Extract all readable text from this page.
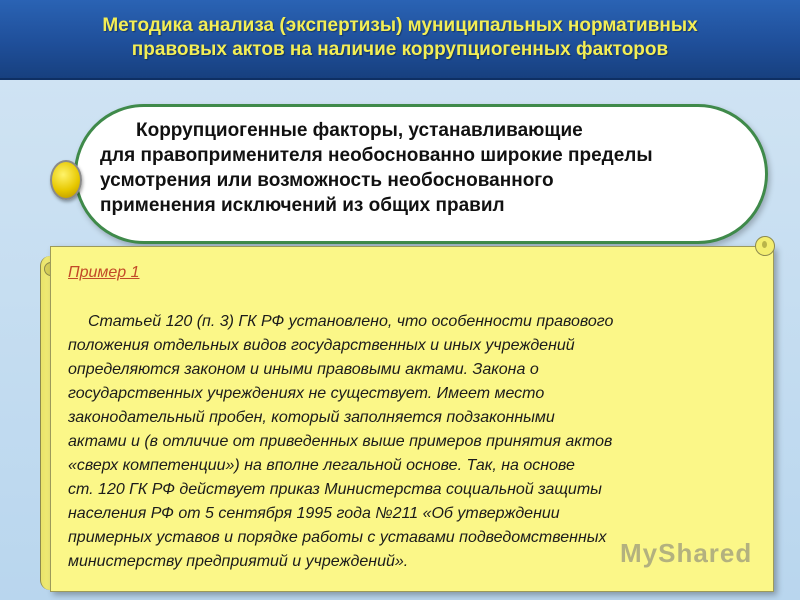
Методика анализа (экспертизы) муниципальных нормативных
правовых актов на наличие коррупциогенных факторов
Коррупциогенные факторы, устанавливающие
для правоприменителя необоснованно широкие пределы
усмотрения или возможность необоснованного
применения исключений из общих правил
Пример 1
Статьей 120 (п. 3) ГК РФ установлено, что особенности правового
положения отдельных видов государственных и иных учреждений
определяются законом и иными правовыми актами. Закона о
государственных учреждениях не существует. Имеет место
законодательный пробен, который заполняется подзаконными
актами и (в отличие от приведенных выше примеров принятия актов
«сверх компетенции») на вполне легальной основе. Так, на основе
ст. 120 ГК РФ действует приказ Министерства социальной защиты
населения РФ от 5 сентября 1995 года №211 «Об утверждении
примерных уставов и порядке работы с уставами подведомственных
министерству предприятий и учреждений».	MyShared
